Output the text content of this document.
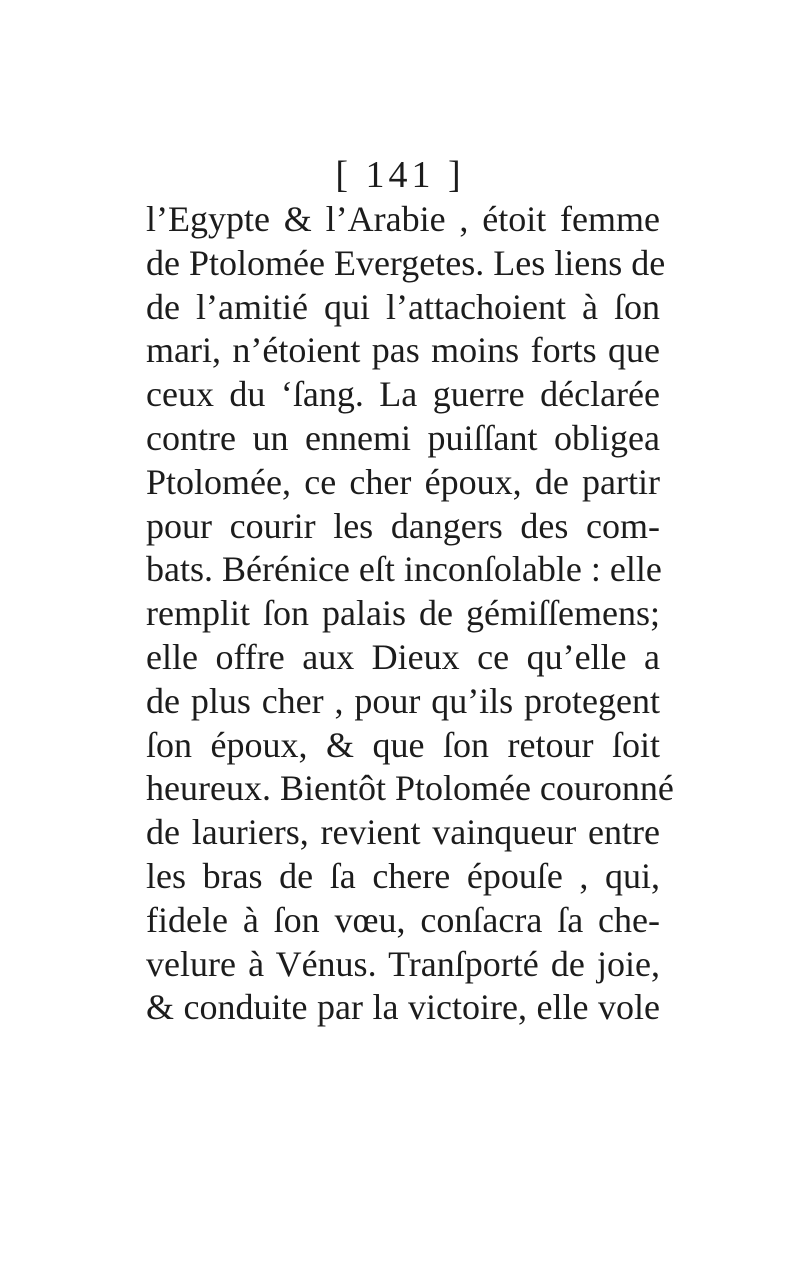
[ 141 ]
l’Egypte & l’Arabie , étoit femme
de Ptolomée Evergetes. Les liens de
de l’amitié qui l’attachoient à ſon
mari, n’étoient pas moins forts que
ceux du ‘ſang. La guerre déclarée
contre un ennemi puiſſant obligea
Ptolomée, ce cher époux, de partir
pour courir les dangers des com-
bats. Bérénice eſt inconſolable : elle
remplit ſon palais de gémiſſemens;
elle offre aux Dieux ce qu’elle a
de plus cher , pour qu’ils protegent
ſon époux, & que ſon retour ſoit
heureux. Bientôt Ptolomée couronné
de lauriers, revient vainqueur entre
les bras de ſa chere épouſe , qui,
fidele à ſon vœu, conſacra ſa che-
velure à Vénus. Tranſporté de joie,
& conduite par la victoire, elle vole
